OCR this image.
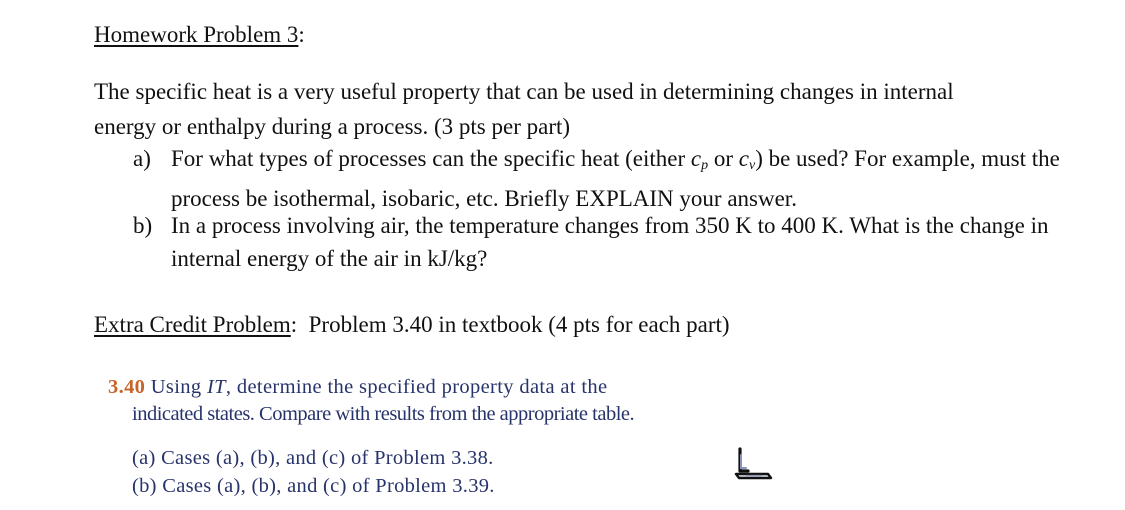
Homework Problem 3:

The specific heat is a very useful property that can be used in determining changes in internal

energy or enthalpy during a process. (3 pts per part)

a) For what types of processes can the specific heat (either $c_p$ or $c_v$) be used? For example, must the process be isothermal, isobaric, etc. Briefly EXPLAIN your answer.
b) In a process involving air, the temperature changes from 350 K to 400 K. What is the change in internal energy of the air in kJ/kg?
Extra Credit Problem:  Problem 3.40 in textbook (4 pts for each part)
3.40 Using IT, determine the specified property data at the
indicated states. Compare with results from the appropriate table.
(a) Cases (a), (b), and (c) of Problem 3.38.
(b) Cases (a), (b), and (c) of Problem 3.39.
